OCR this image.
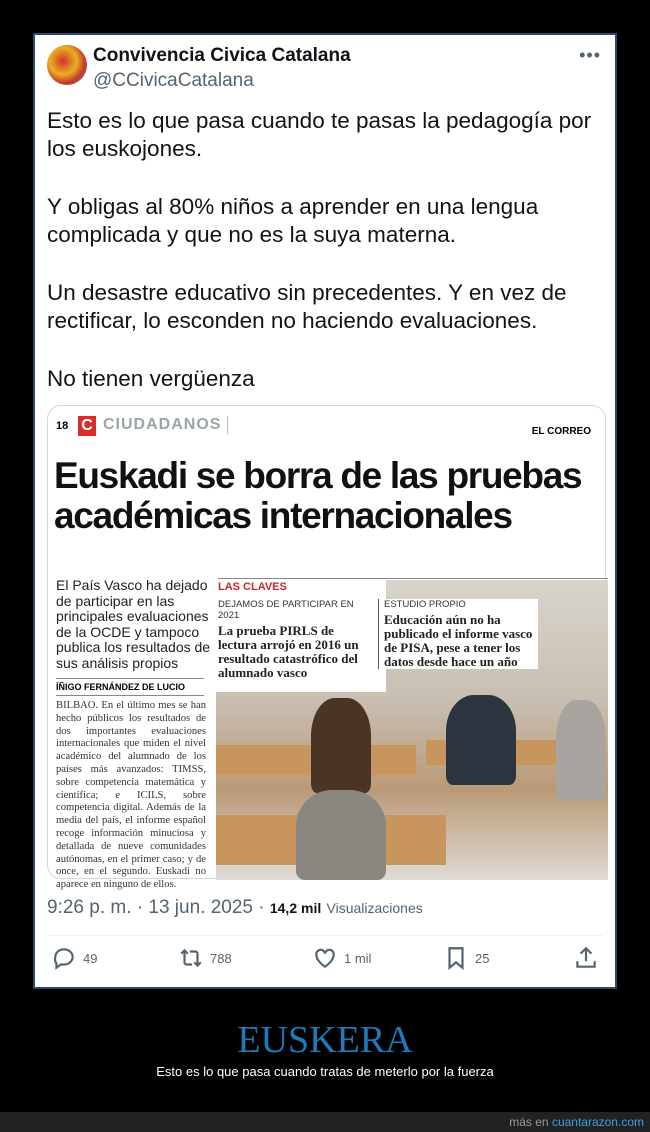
Convivencia Civica Catalana
@CCivicaCatalana
•••

Esto es lo que pasa cuando te pasas la pedagogía por los euskojones.

Y obligas al 80% niños a aprender en una lengua complicada y que no es la suya materna.

Un desastre educativo sin precedentes. Y en vez de rectificar, lo esconden no haciendo evaluaciones.

No tienen vergüenza

18 C CIUDADANOS	EL CORREO
Euskadi se borra de las pruebas académicas internacionales
El País Vasco ha dejado de participar en las principales evaluaciones de la OCDE y tampoco publica los resultados de sus análisis propios
ÍÑIGO FERNÁNDEZ DE LUCIO
BILBAO. En el último mes se han hecho públicos los resultados de dos importantes evaluaciones internacionales que miden el nivel académico del alumnado de los países más avanzados: TIMSS, sobre competencia matemática y científica; e ICILS, sobre competencia digital. Además de la media del país, el informe español recoge información minuciosa y detallada de nueve comunidades autónomas, en el primer caso; y de once, en el segundo. Euskadi no aparece en ninguno de ellos.
LAS CLAVES
DEJAMOS DE PARTICIPAR EN 2021
La prueba PIRLS de lectura arrojó en 2016 un resultado catastrófico del alumnado vasco
ESTUDIO PROPIO
Educación aún no ha publicado el informe vasco de PISA, pese a tener los datos desde hace un año
9:26 p. m. · 13 jun. 2025 · 14,2 mil Visualizaciones
49	788	1 mil	25
EUSKERA
Esto es lo que pasa cuando tratas de meterlo por la fuerza
más en cuantarazon.com
